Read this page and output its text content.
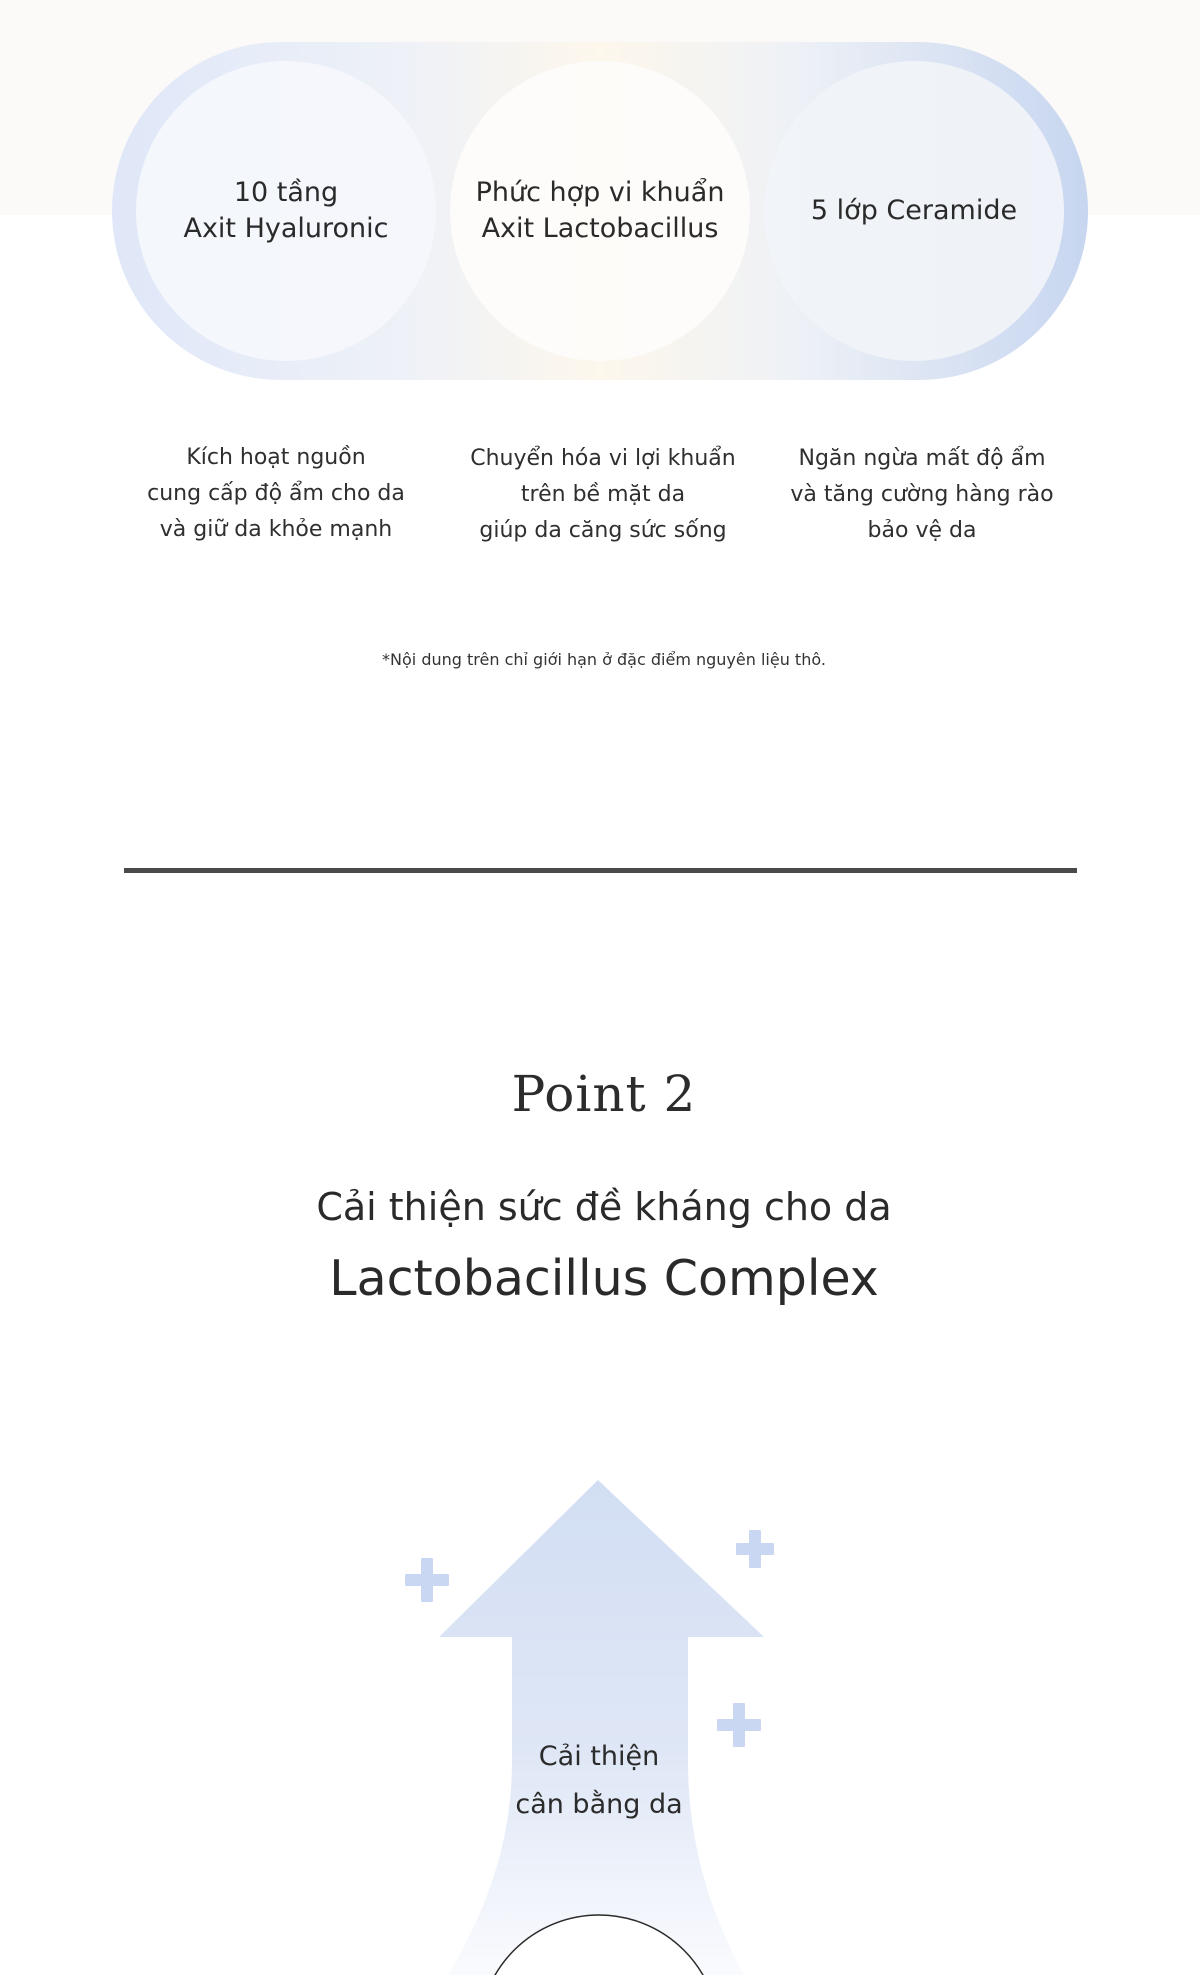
10 tầng
Axit Hyaluronic
Phức hợp vi khuẩn
Axit Lactobacillus
5 lớp Ceramide
Kích hoạt nguồn
cung cấp độ ẩm cho da
và giữ da khỏe mạnh
Chuyển hóa vi lợi khuẩn
trên bề mặt da
giúp da căng sức sống
Ngăn ngừa mất độ ẩm
và tăng cường hàng rào
bảo vệ da
*Nội dung trên chỉ giới hạn ở đặc điểm nguyên liệu thô.
Point 2
Cải thiện sức đề kháng cho da
Lactobacillus Complex
Cải thiện
cân bằng da
